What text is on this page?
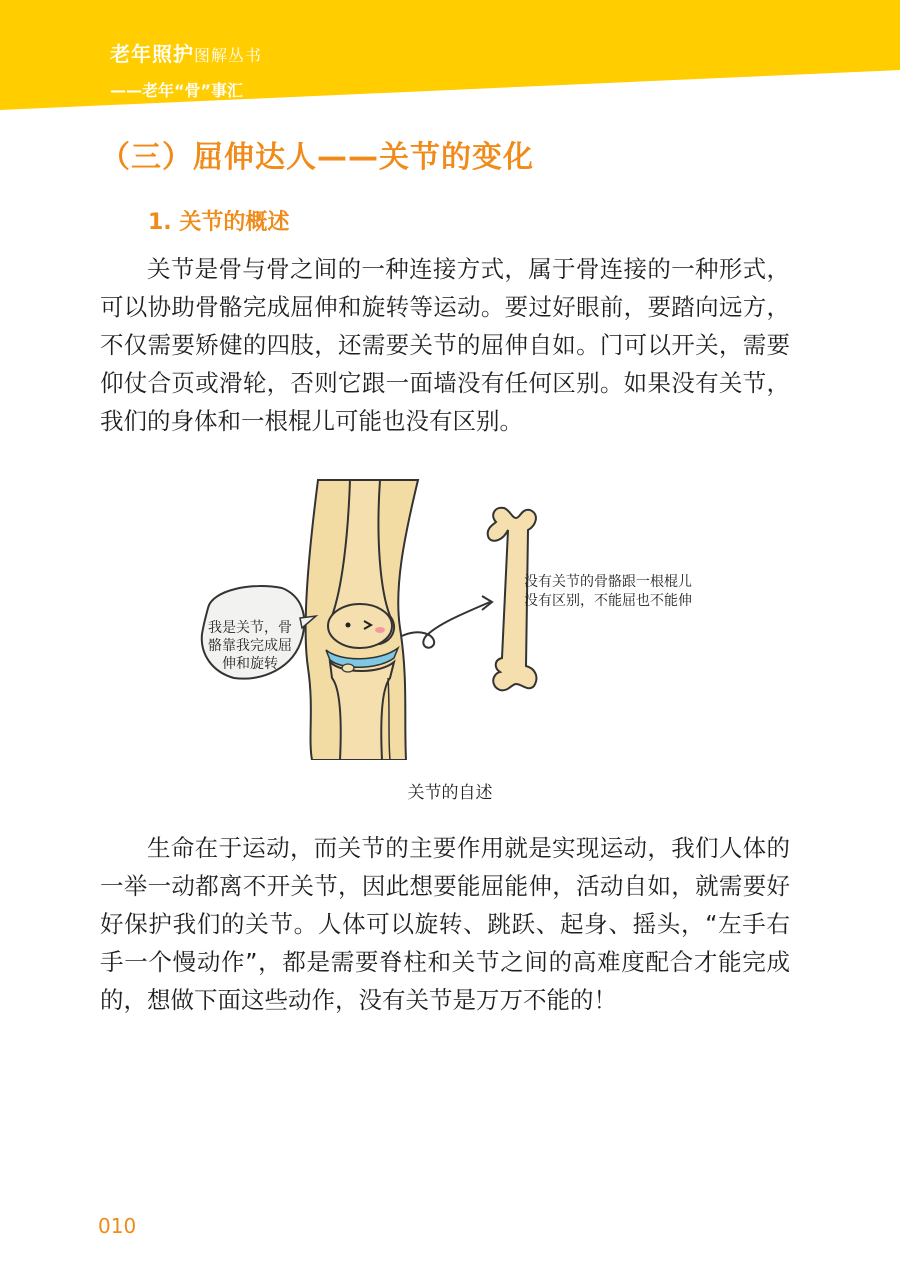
老年照护图解丛书
——老年“骨”事汇
（三）屈伸达人——关节的变化
1. 关节的概述

关节是骨与骨之间的一种连接方式，属于骨连接的一种形式，可以协助骨骼完成屈伸和旋转等运动。要过好眼前，要踏向远方，不仅需要矫健的四肢，还需要关节的屈伸自如。门可以开关，需要仰仗合页或滑轮，否则它跟一面墙没有任何区别。如果没有关节，我们的身体和一根棍儿可能也没有区别。

我是关节，骨骼靠我完成屈伸和旋转
没有关节的骨骼跟一根棍儿没有区别，不能屈也不能伸
关节的自述

生命在于运动，而关节的主要作用就是实现运动，我们人体的一举一动都离不开关节，因此想要能屈能伸，活动自如，就需要好好保护我们的关节。人体可以旋转、跳跃、起身、摇头，“左手右手一个慢动作”，都是需要脊柱和关节之间的高难度配合才能完成的，想做下面这些动作，没有关节是万万不能的！

010
